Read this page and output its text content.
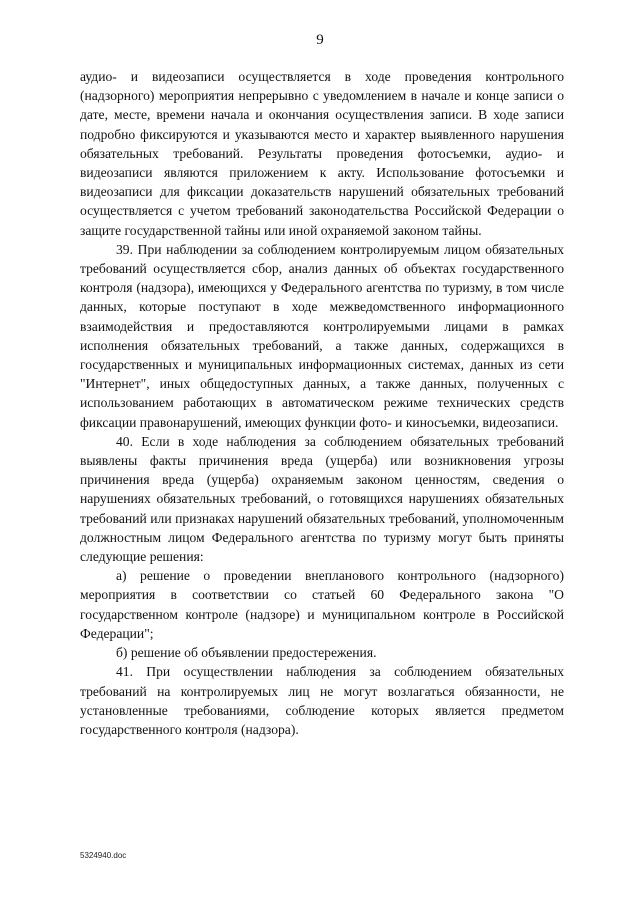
9

аудио- и видеозаписи осуществляется в ходе проведения контрольного (надзорного) мероприятия непрерывно с уведомлением в начале и конце записи о дате, месте, времени начала и окончания осуществления записи. В ходе записи подробно фиксируются и указываются место и характер выявленного нарушения обязательных требований. Результаты проведения фотосъемки, аудио- и видеозаписи являются приложением к акту. Использование фотосъемки и видеозаписи для фиксации доказательств нарушений обязательных требований осуществляется с учетом требований законодательства Российской Федерации о защите государственной тайны или иной охраняемой законом тайны.

39. При наблюдении за соблюдением контролируемым лицом обязательных требований осуществляется сбор, анализ данных об объектах государственного контроля (надзора), имеющихся у Федерального агентства по туризму, в том числе данных, которые поступают в ходе межведомственного информационного взаимодействия и предоставляются контролируемыми лицами в рамках исполнения обязательных требований, а также данных, содержащихся в государственных и муниципальных информационных системах, данных из сети "Интернет", иных общедоступных данных, а также данных, полученных с использованием работающих в автоматическом режиме технических средств фиксации правонарушений, имеющих функции фото- и киносъемки, видеозаписи.

40. Если в ходе наблюдения за соблюдением обязательных требований выявлены факты причинения вреда (ущерба) или возникновения угрозы причинения вреда (ущерба) охраняемым законом ценностям, сведения о нарушениях обязательных требований, о готовящихся нарушениях обязательных требований или признаках нарушений обязательных требований, уполномоченным должностным лицом Федерального агентства по туризму могут быть приняты следующие решения:

а) решение о проведении внепланового контрольного (надзорного) мероприятия в соответствии со статьей 60 Федерального закона "О государственном контроле (надзоре) и муниципальном контроле в Российской Федерации";

б) решение об объявлении предостережения.

41. При осуществлении наблюдения за соблюдением обязательных требований на контролируемых лиц не могут возлагаться обязанности, не установленные требованиями, соблюдение которых является предметом государственного контроля (надзора).

5324940.doc
